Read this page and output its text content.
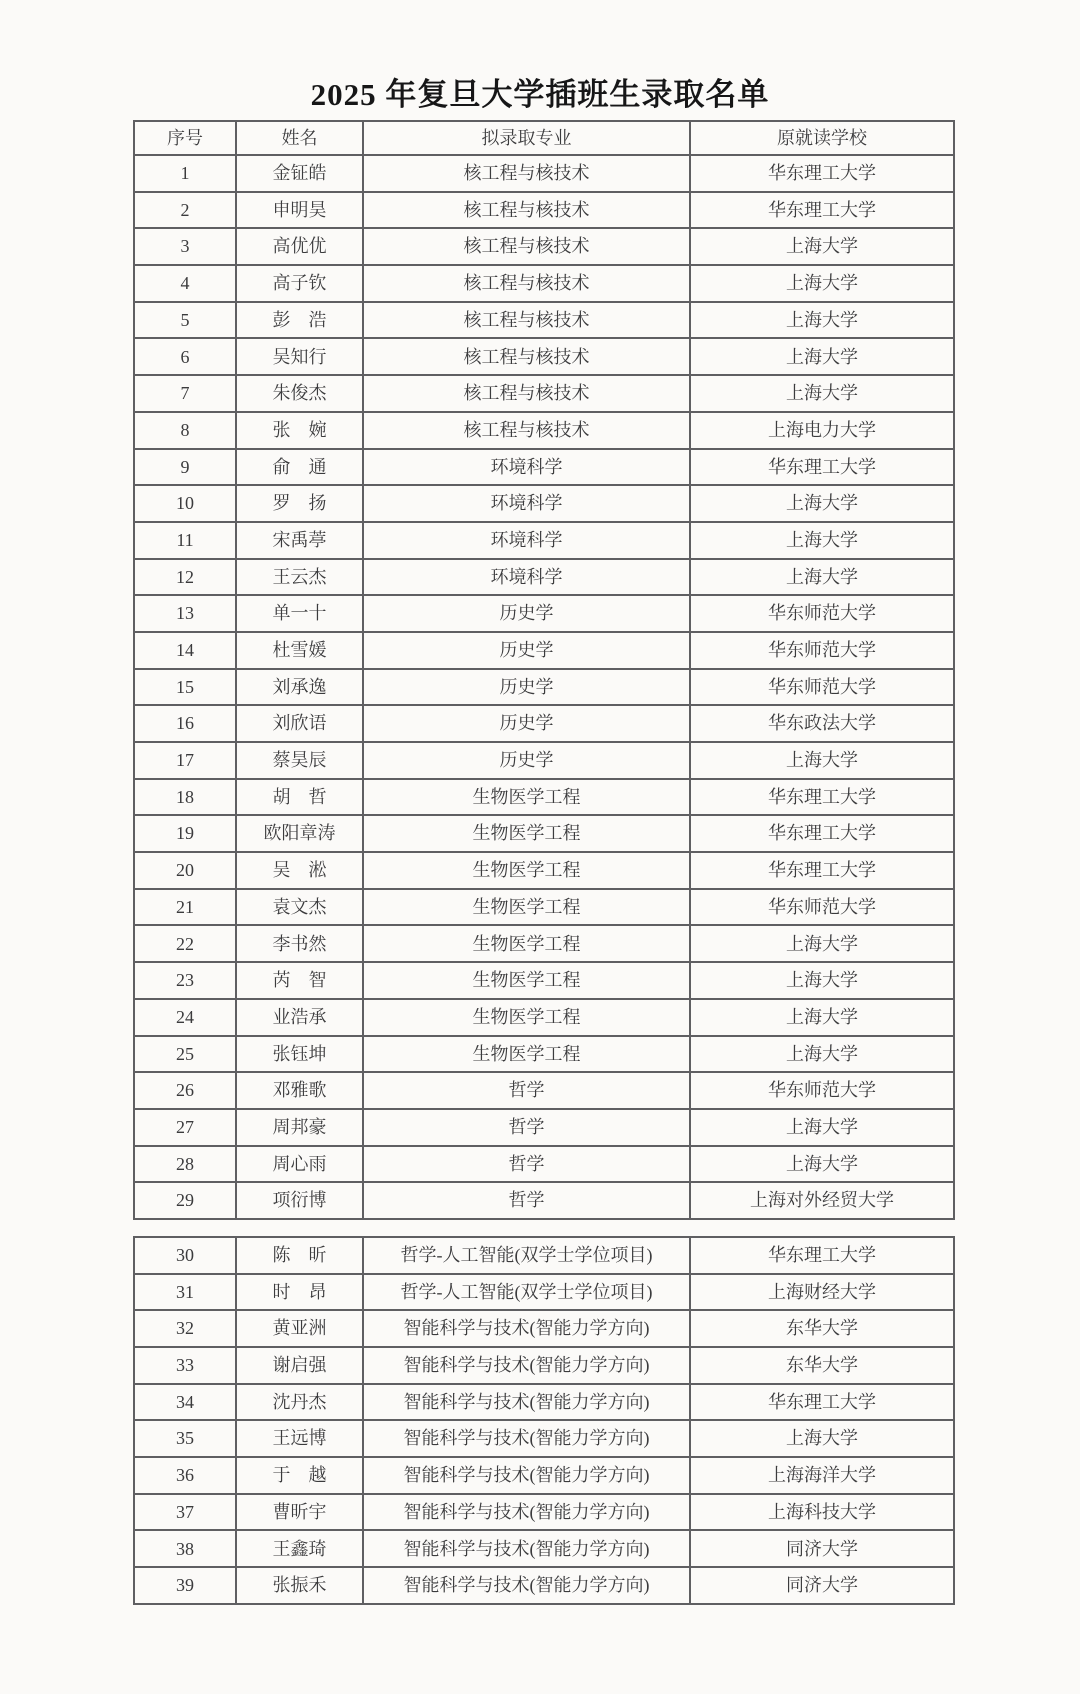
2025 年复旦大学插班生录取名单
序号	姓名	拟录取专业	原就读学校
1	金钲皓	核工程与核技术	华东理工大学
2	申明昊	核工程与核技术	华东理工大学
3	高优优	核工程与核技术	上海大学
4	高子钦	核工程与核技术	上海大学
5	彭　浩	核工程与核技术	上海大学
6	吴知行	核工程与核技术	上海大学
7	朱俊杰	核工程与核技术	上海大学
8	张　婉	核工程与核技术	上海电力大学
9	俞　通	环境科学	华东理工大学
10	罗　扬	环境科学	上海大学
11	宋禹葶	环境科学	上海大学
12	王云杰	环境科学	上海大学
13	单一十	历史学	华东师范大学
14	杜雪媛	历史学	华东师范大学
15	刘承逸	历史学	华东师范大学
16	刘欣语	历史学	华东政法大学
17	蔡昊辰	历史学	上海大学
18	胡　哲	生物医学工程	华东理工大学
19	欧阳章涛	生物医学工程	华东理工大学
20	吴　淞	生物医学工程	华东理工大学
21	袁文杰	生物医学工程	华东师范大学
22	李书然	生物医学工程	上海大学
23	芮　智	生物医学工程	上海大学
24	业浩承	生物医学工程	上海大学
25	张钰坤	生物医学工程	上海大学
26	邓雅歌	哲学	华东师范大学
27	周邦豪	哲学	上海大学
28	周心雨	哲学	上海大学
29	项衍博	哲学	上海对外经贸大学
30	陈　昕	哲学-人工智能(双学士学位项目)	华东理工大学
31	时　昂	哲学-人工智能(双学士学位项目)	上海财经大学
32	黄亚洲	智能科学与技术(智能力学方向)	东华大学
33	谢启强	智能科学与技术(智能力学方向)	东华大学
34	沈丹杰	智能科学与技术(智能力学方向)	华东理工大学
35	王远博	智能科学与技术(智能力学方向)	上海大学
36	于　越	智能科学与技术(智能力学方向)	上海海洋大学
37	曹昕宇	智能科学与技术(智能力学方向)	上海科技大学
38	王鑫琦	智能科学与技术(智能力学方向)	同济大学
39	张振禾	智能科学与技术(智能力学方向)	同济大学
